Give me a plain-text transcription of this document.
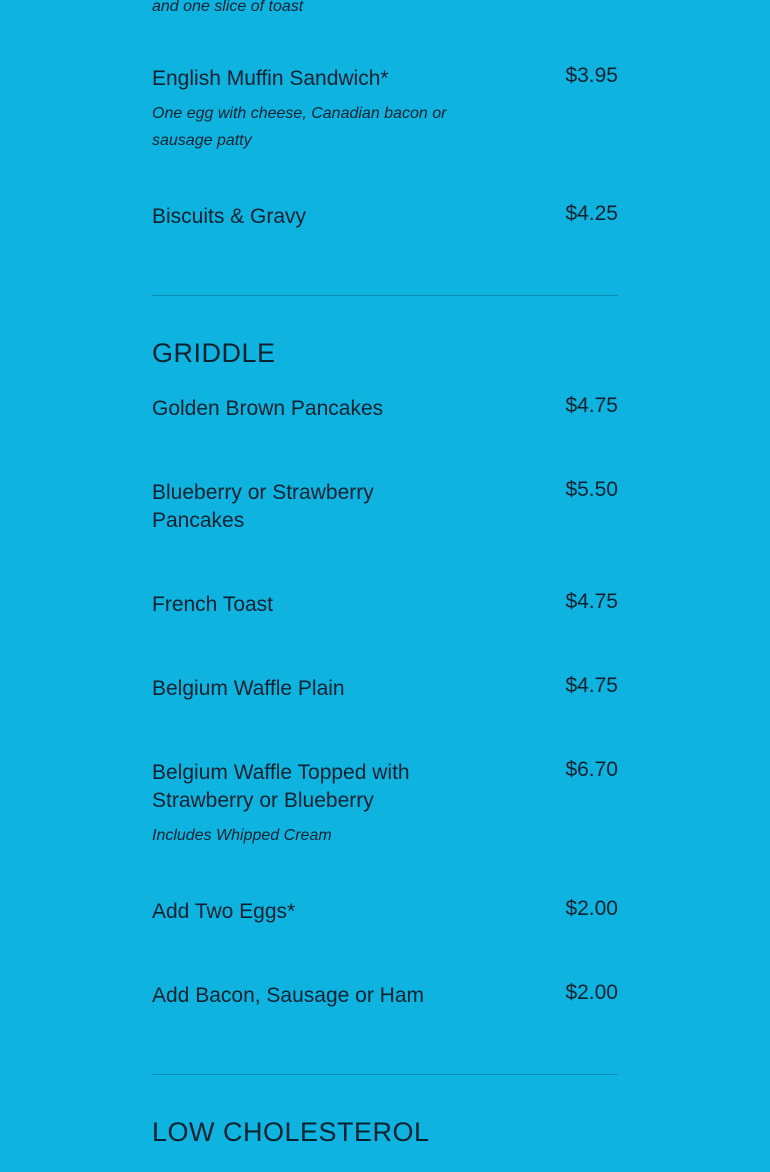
and one slice of toast
English Muffin Sandwich*	$3.95
One egg with cheese, Canadian bacon or sausage patty
Biscuits & Gravy	$4.25
GRIDDLE
Golden Brown Pancakes	$4.75
Blueberry or Strawberry Pancakes
$5.50
French Toast	$4.75
Belgium Waffle Plain	$4.75
Belgium Waffle Topped with Strawberry or Blueberry
$6.70
Includes Whipped Cream
Add Two Eggs*	$2.00
Add Bacon, Sausage or Ham	$2.00
LOW CHOLESTEROL
